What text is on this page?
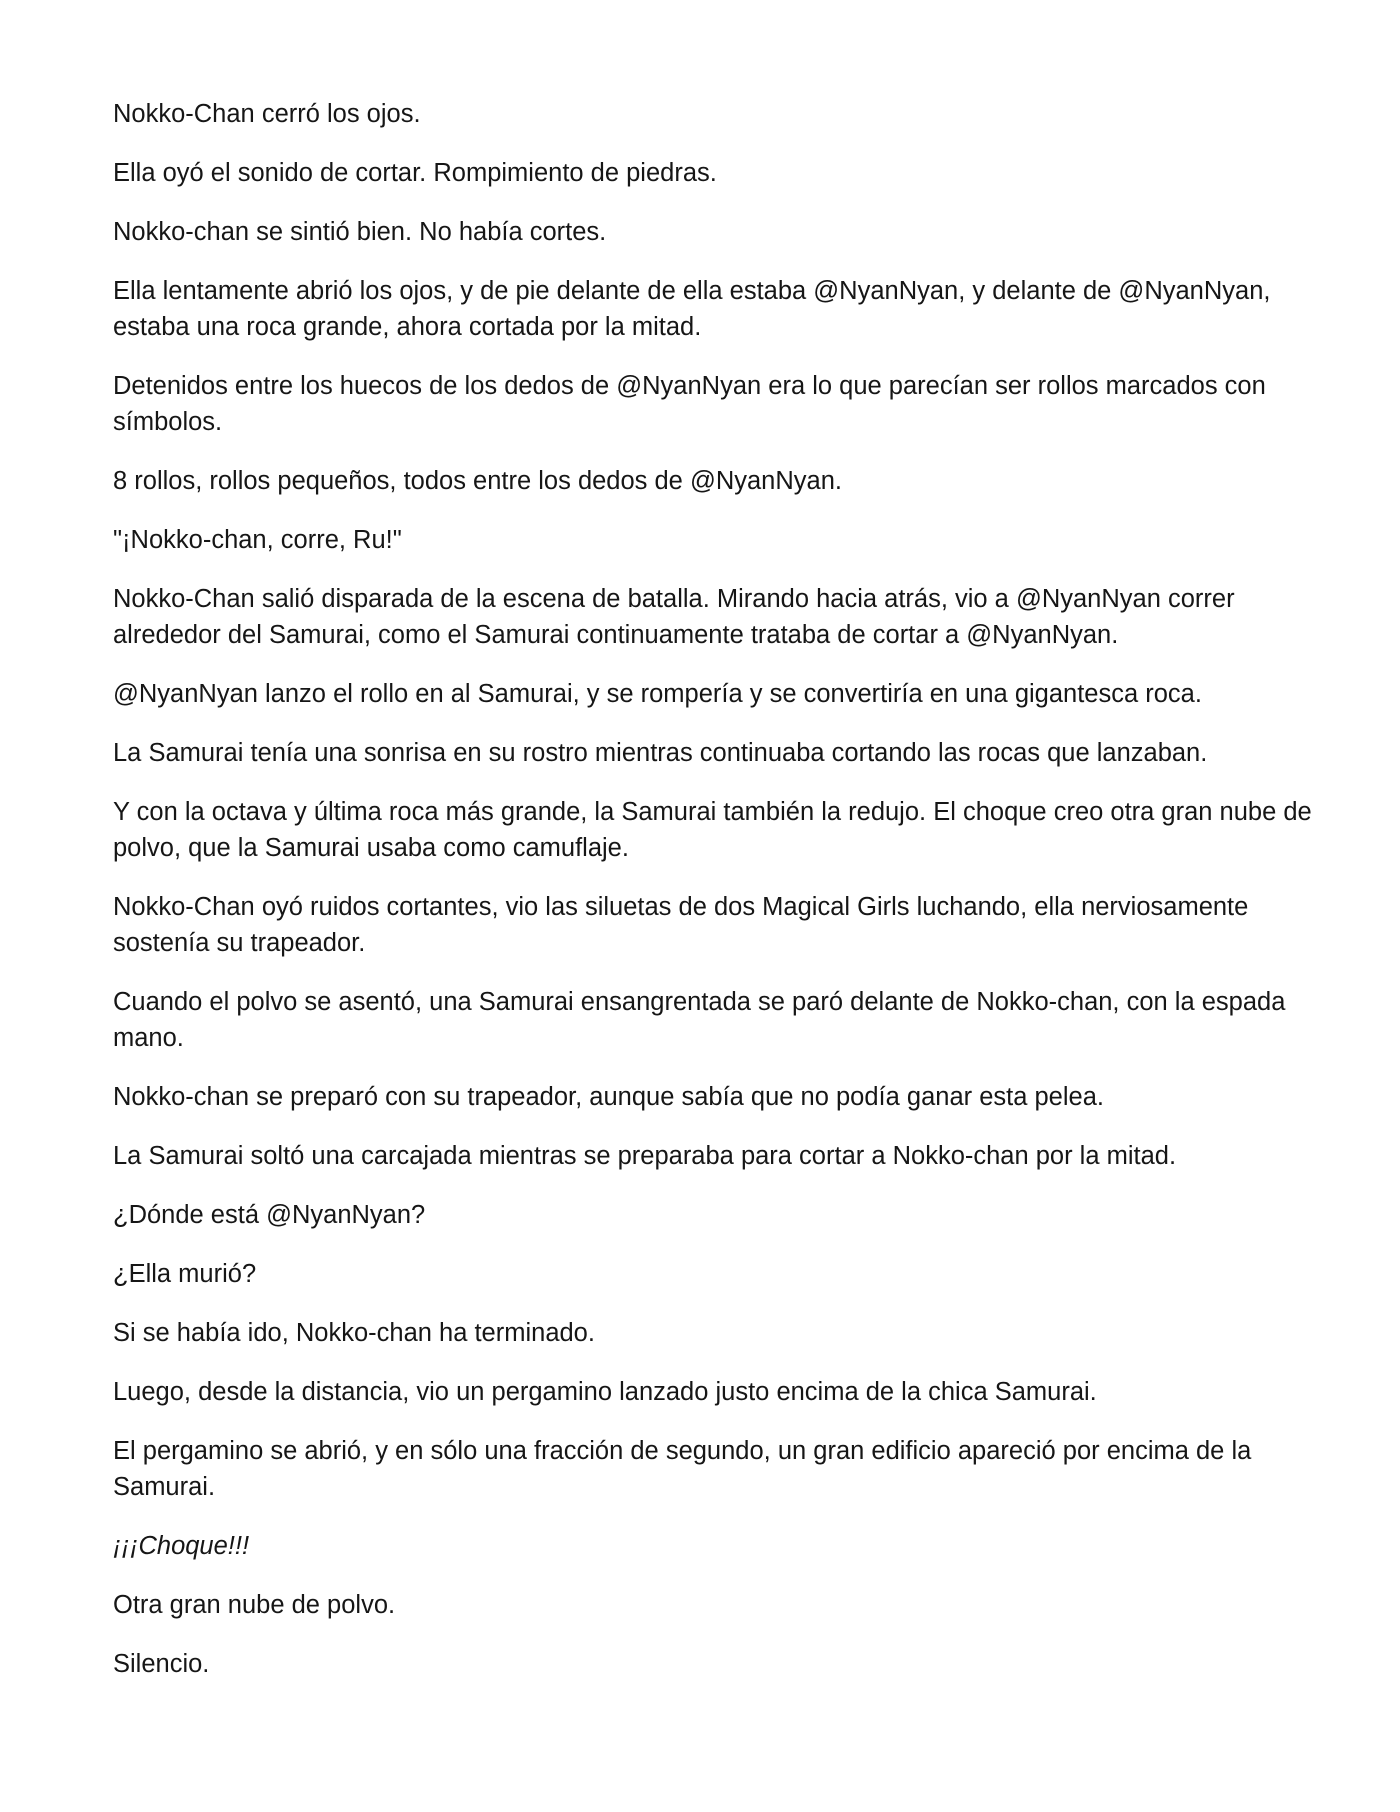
Nokko-Chan cerró los ojos.

Ella oyó el sonido de cortar. Rompimiento de piedras.

Nokko-chan se sintió bien. No había cortes.

Ella lentamente abrió los ojos, y de pie delante de ella estaba @NyanNyan, y delante de @NyanNyan, estaba una roca grande, ahora cortada por la mitad.

Detenidos entre los huecos de los dedos de @NyanNyan era lo que parecían ser rollos marcados con símbolos.

8 rollos, rollos pequeños, todos entre los dedos de @NyanNyan.

"¡Nokko-chan, corre, Ru!"

Nokko-Chan salió disparada de la escena de batalla. Mirando hacia atrás, vio a @NyanNyan correr alrededor del Samurai, como el Samurai continuamente trataba de cortar a @NyanNyan.

@NyanNyan lanzo el rollo en al Samurai, y se rompería y se convertiría en una gigantesca roca.

La Samurai tenía una sonrisa en su rostro mientras continuaba cortando las rocas que lanzaban.

Y con la octava y última roca más grande, la Samurai también la redujo. El choque creo otra gran nube de polvo, que la Samurai usaba como camuflaje.

Nokko-Chan oyó ruidos cortantes, vio las siluetas de dos Magical Girls luchando, ella nerviosamente sostenía su trapeador.

Cuando el polvo se asentó, una Samurai ensangrentada se paró delante de Nokko-chan, con la espada mano.

Nokko-chan se preparó con su trapeador, aunque sabía que no podía ganar esta pelea.

La Samurai soltó una carcajada mientras se preparaba para cortar a Nokko-chan por la mitad.

¿Dónde está @NyanNyan?

¿Ella murió?

Si se había ido, Nokko-chan ha terminado.

Luego, desde la distancia, vio un pergamino lanzado justo encima de la chica Samurai.

El pergamino se abrió, y en sólo una fracción de segundo, un gran edificio apareció por encima de la Samurai.

¡¡¡Choque!!!

Otra gran nube de polvo.

Silencio.
